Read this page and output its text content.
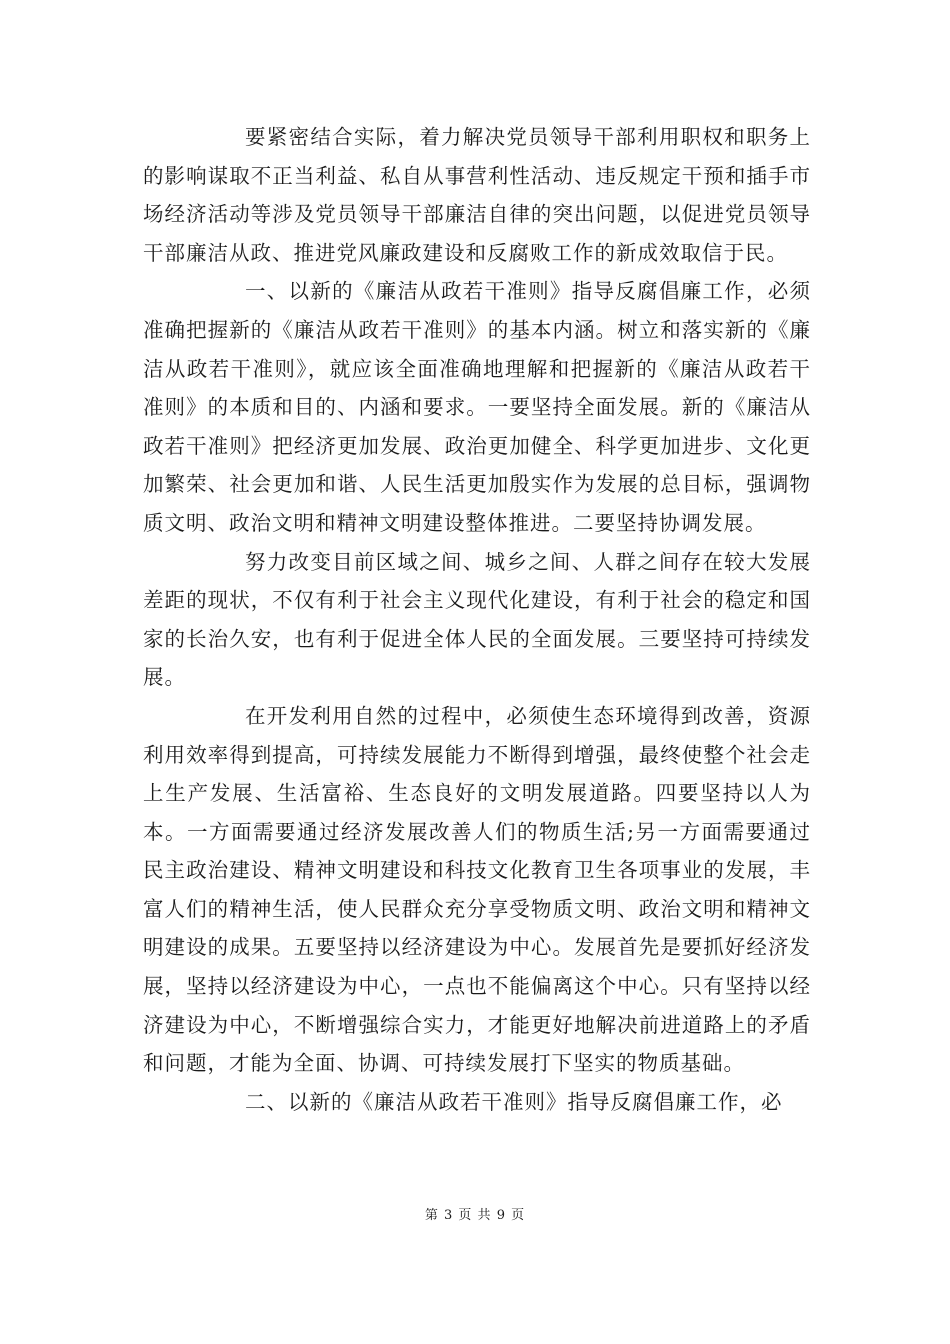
要紧密结合实际，着力解决党员领导干部利用职权和职务上的影响谋取不正当利益、私自从事营利性活动、违反规定干预和插手市场经济活动等涉及党员领导干部廉洁自律的突出问题，以促进党员领导干部廉洁从政、推进党风廉政建设和反腐败工作的新成效取信于民。

一、以新的《廉洁从政若干准则》指导反腐倡廉工作，必须准确把握新的《廉洁从政若干准则》的基本内涵。树立和落实新的《廉洁从政若干准则》，就应该全面准确地理解和把握新的《廉洁从政若干准则》的本质和目的、内涵和要求。一要坚持全面发展。新的《廉洁从政若干准则》把经济更加发展、政治更加健全、科学更加进步、文化更加繁荣、社会更加和谐、人民生活更加殷实作为发展的总目标，强调物质文明、政治文明和精神文明建设整体推进。二要坚持协调发展。

努力改变目前区域之间、城乡之间、人群之间存在较大发展差距的现状，不仅有利于社会主义现代化建设，有利于社会的稳定和国家的长治久安，也有利于促进全体人民的全面发展。三要坚持可持续发展。

在开发利用自然的过程中，必须使生态环境得到改善，资源利用效率得到提高，可持续发展能力不断得到增强，最终使整个社会走上生产发展、生活富裕、生态良好的文明发展道路。四要坚持以人为本。一方面需要通过经济发展改善人们的物质生活;另一方面需要通过民主政治建设、精神文明建设和科技文化教育卫生各项事业的发展，丰富人们的精神生活，使人民群众充分享受物质文明、政治文明和精神文明建设的成果。五要坚持以经济建设为中心。发展首先是要抓好经济发展，坚持以经济建设为中心，一点也不能偏离这个中心。只有坚持以经济建设为中心，不断增强综合实力，才能更好地解决前进道路上的矛盾和问题，才能为全面、协调、可持续发展打下坚实的物质基础。

二、以新的《廉洁从政若干准则》指导反腐倡廉工作，必

第 3 页 共 9 页
